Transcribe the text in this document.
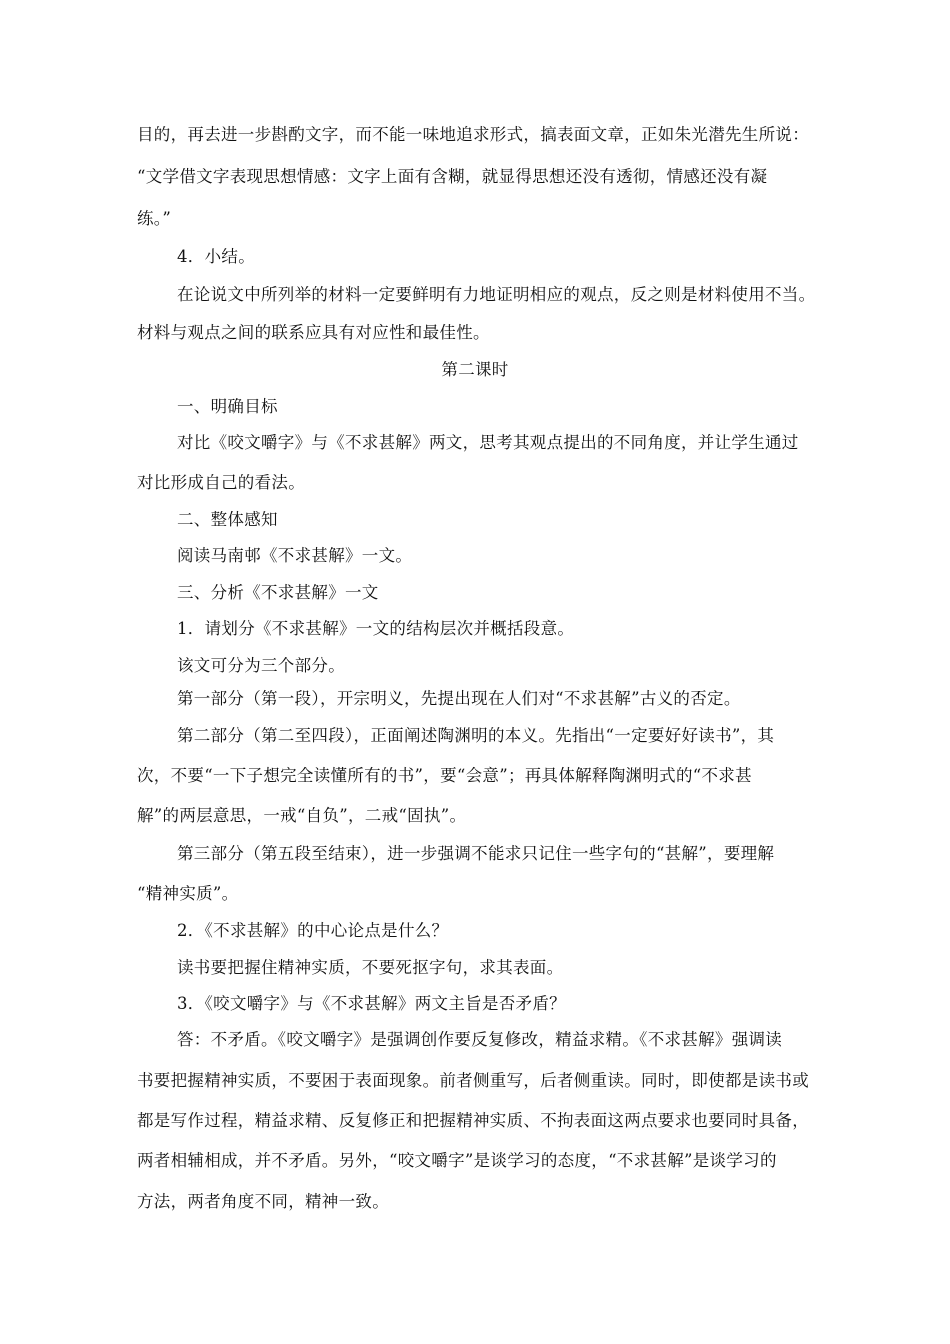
目的，再去进一步斟酌文字，而不能一味地追求形式，搞表面文章，正如朱光潜先生所说：
“文学借文字表现思想情感：文字上面有含糊，就显得思想还没有透彻，情感还没有凝
练。”
4．小结。
在论说文中所列举的材料一定要鲜明有力地证明相应的观点，反之则是材料使用不当。
材料与观点之间的联系应具有对应性和最佳性。
第二课时
一、明确目标
对比《咬文嚼字》与《不求甚解》两文，思考其观点提出的不同角度，并让学生通过
对比形成自己的看法。
二、整体感知
阅读马南邨《不求甚解》一文。
三、分析《不求甚解》一文
1．请划分《不求甚解》一文的结构层次并概括段意。
该文可分为三个部分。
第一部分（第一段），开宗明义，先提出现在人们对“不求甚解”古义的否定。
第二部分（第二至四段），正面阐述陶渊明的本义。先指出“一定要好好读书”，其
次，不要“一下子想完全读懂所有的书”，要“会意”；再具体解释陶渊明式的“不求甚
解”的两层意思，一戒“自负”，二戒“固执”。
第三部分（第五段至结束），进一步强调不能求只记住一些字句的“甚解”，要理解
“精神实质”。
2．《不求甚解》的中心论点是什么？
读书要把握住精神实质，不要死抠字句，求其表面。
3．《咬文嚼字》与《不求甚解》两文主旨是否矛盾？
答：不矛盾。《咬文嚼字》是强调创作要反复修改，精益求精。《不求甚解》强调读
书要把握精神实质，不要困于表面现象。前者侧重写，后者侧重读。同时，即使都是读书或
都是写作过程，精益求精、反复修正和把握精神实质、不拘表面这两点要求也要同时具备，
两者相辅相成，并不矛盾。另外，“咬文嚼字”是谈学习的态度，“不求甚解”是谈学习的
方法，两者角度不同，精神一致。
